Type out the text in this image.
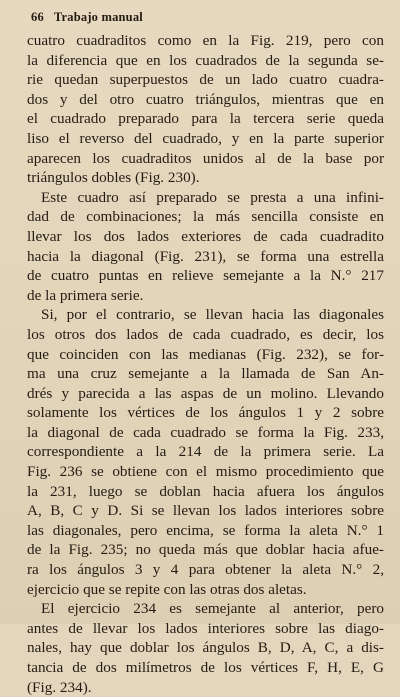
66 Trabajo manual
cuatro cuadraditos como en la Fig. 219, pero con
la diferencia que en los cuadrados de la segunda se-
rie quedan superpuestos de un lado cuatro cuadra-
dos y del otro cuatro triángulos, mientras que en
el cuadrado preparado para la tercera serie queda
liso el reverso del cuadrado, y en la parte superior
aparecen los cuadraditos unidos al de la base por
triángulos dobles (Fig. 230).
Este cuadro así preparado se presta a una infini-
dad de combinaciones; la más sencilla consiste en
llevar los dos lados exteriores de cada cuadradito
hacia la diagonal (Fig. 231), se forma una estrella
de cuatro puntas en relieve semejante a la N.° 217
de la primera serie.
Si, por el contrario, se llevan hacia las diagonales
los otros dos lados de cada cuadrado, es decir, los
que coinciden con las medianas (Fig. 232), se for-
ma una cruz semejante a la llamada de San An-
drés y parecida a las aspas de un molino. Llevando
solamente los vértices de los ángulos 1 y 2 sobre
la diagonal de cada cuadrado se forma la Fig. 233,
correspondiente a la 214 de la primera serie. La
Fig. 236 se obtiene con el mismo procedimiento que
la 231, luego se doblan hacia afuera los ángulos
A, B, C y D. Si se llevan los lados interiores sobre
las diagonales, pero encima, se forma la aleta N.° 1
de la Fig. 235; no queda más que doblar hacia afue-
ra los ángulos 3 y 4 para obtener la aleta N.° 2,
ejercicio que se repite con las otras dos aletas.
El ejercicio 234 es semejante al anterior, pero
antes de llevar los lados interiores sobre las diago-
nales, hay que doblar los ángulos B, D, A, C, a dis-
tancia de dos milímetros de los vértices F, H, E, G
(Fig. 234).
